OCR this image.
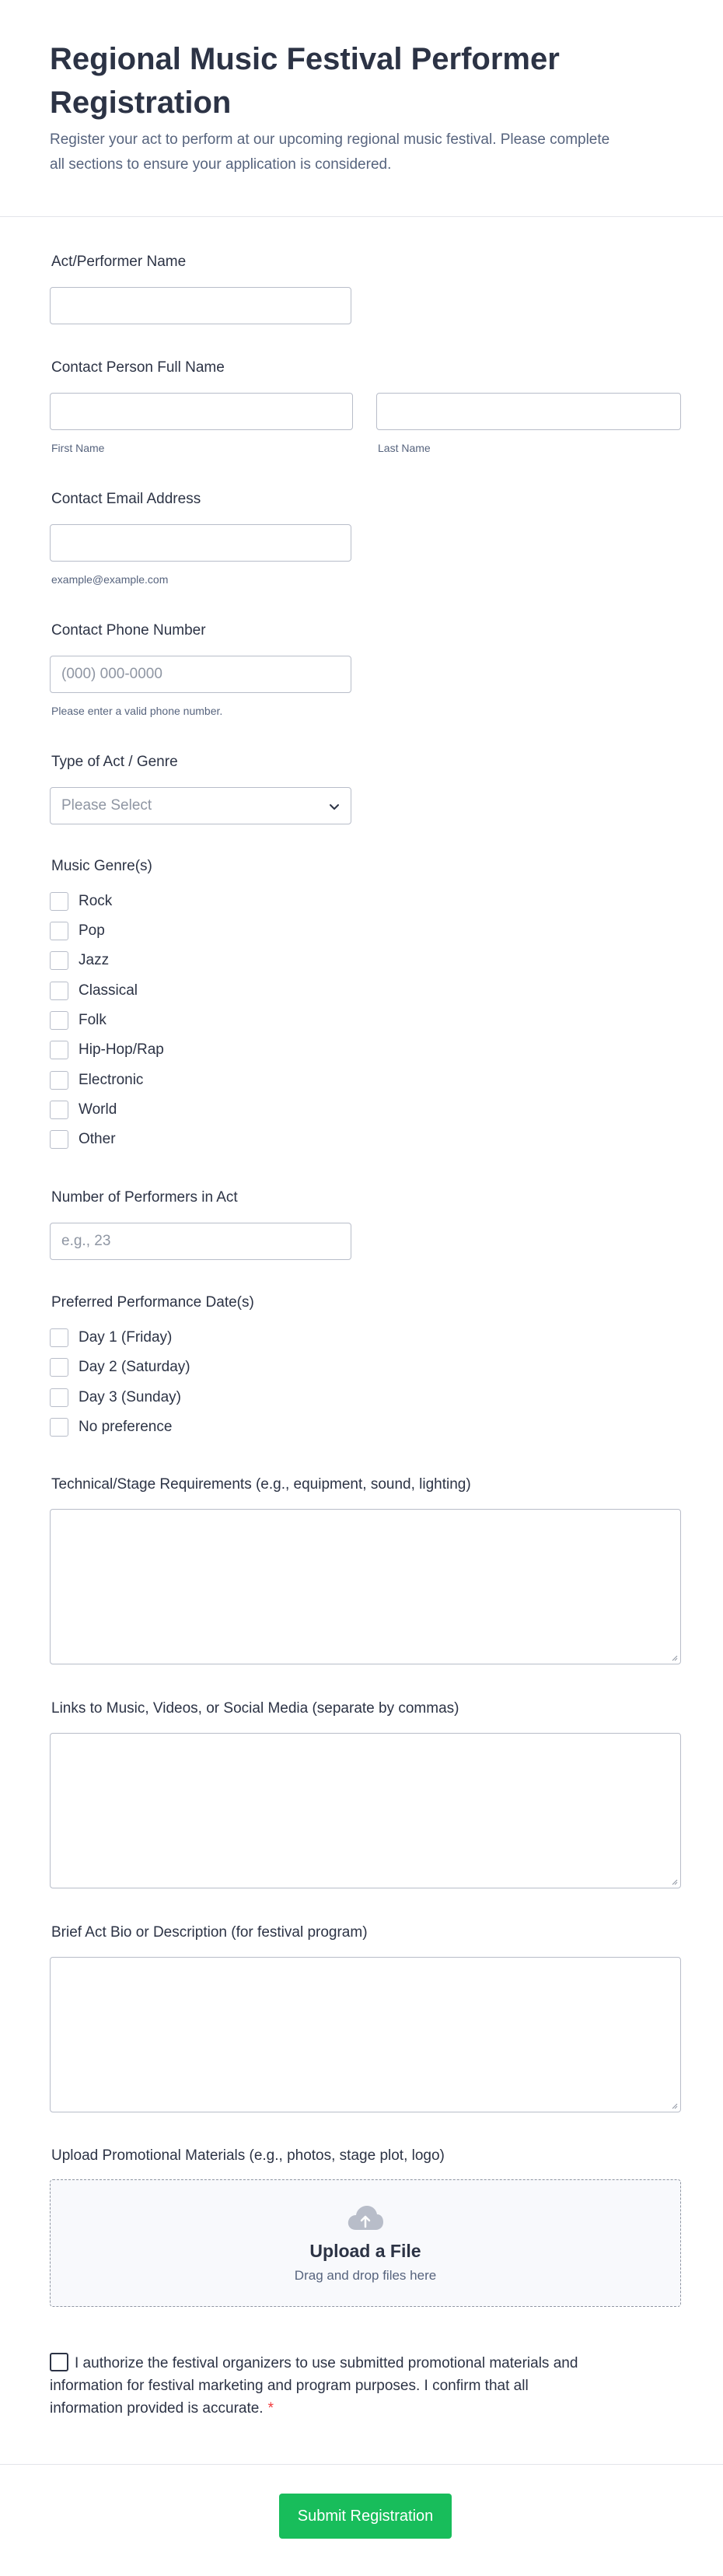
Regional Music Festival Performer Registration

Register your act to perform at our upcoming regional music festival. Please complete all sections to ensure your application is considered.

Act/Performer Name
Contact Person Full Name
First Name	Last Name
Contact Email Address
example@example.com
Contact Phone Number
(000) 000-0000
Please enter a valid phone number.
Type of Act / Genre
Please Select
Music Genre(s)
Rock
Pop
Jazz
Classical
Folk
Hip-Hop/Rap
Electronic
World
Other
Number of Performers in Act
e.g., 23
Preferred Performance Date(s)
Day 1 (Friday)
Day 2 (Saturday)
Day 3 (Sunday)
No preference
Technical/Stage Requirements (e.g., equipment, sound, lighting)
Links to Music, Videos, or Social Media (separate by commas)
Brief Act Bio or Description (for festival program)
Upload Promotional Materials (e.g., photos, stage plot, logo)
Upload a File
Drag and drop files here
I authorize the festival organizers to use submitted promotional materials and information for festival marketing and program purposes. I confirm that all information provided is accurate. *
Submit Registration
